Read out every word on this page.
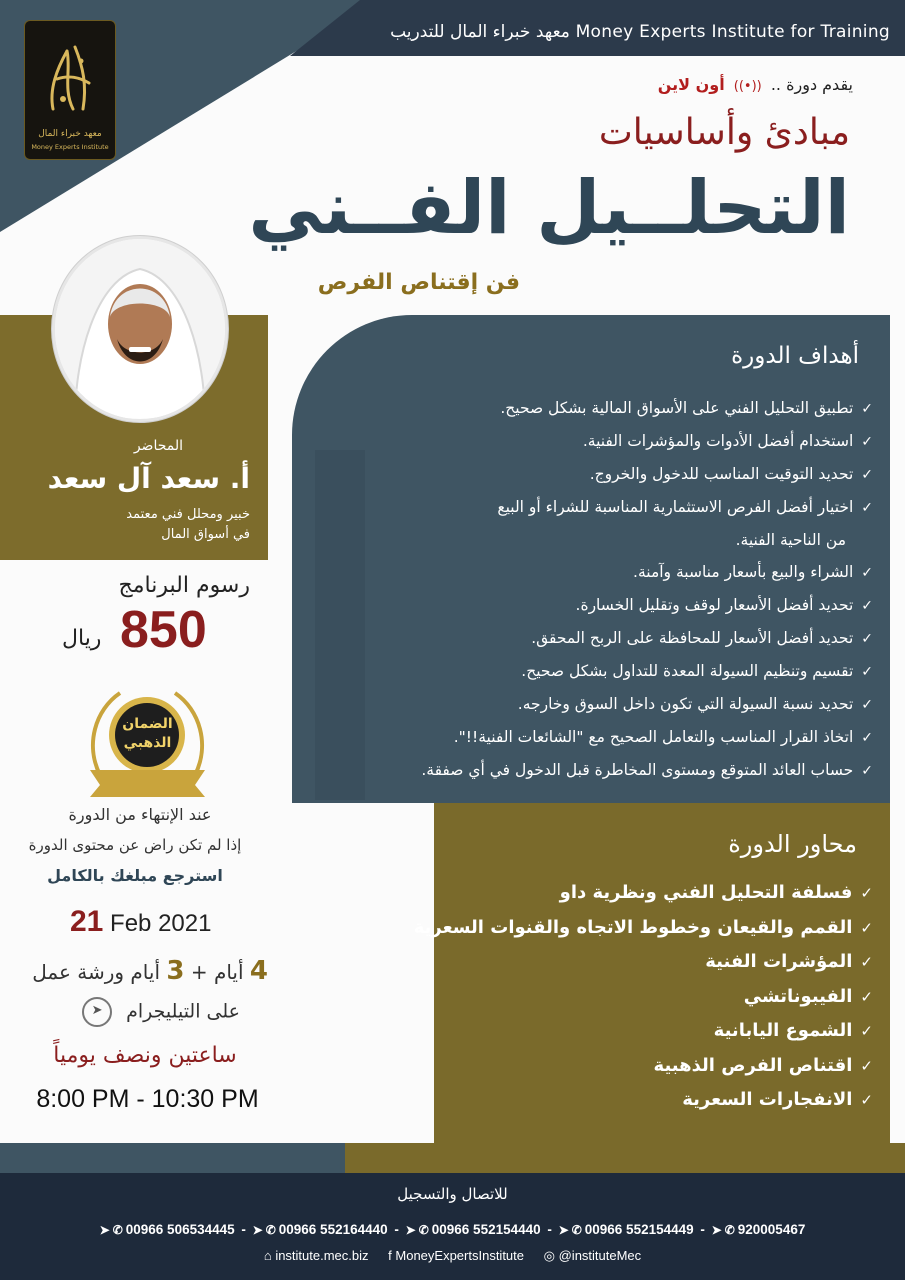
Money Experts Institute for Training معهد خبراء المال للتدريب
معهد خبراء المال
Money Experts Institute
يقدم دورة .. ((•)) أون لاين
مبادئ وأساسيات
التحلــيل الفــني
فن إقتناص الفرص
المحاضر
أ. سعد آل سعد
خبير ومحلل فني معتمد
في أسواق المال
رسوم البرنامج
850
ريال
الضمان
الذهبي
عند الإنتهاء من الدورة
إذا لم تكن راض عن محتوى الدورة
استرجع مبلغك بالكامل
21 Feb 2021
4 أيام + 3 أيام ورشة عمل
على التيليجرام ➤
ساعتين ونصف يومياً
8:00 PM - 10:30 PM
أهداف الدورة
✓تطبيق التحليل الفني على الأسواق المالية بشكل صحيح.
✓استخدام أفضل الأدوات والمؤشرات الفنية.
✓تحديد التوقيت المناسب للدخول والخروج.
✓اختيار أفضل الفرص الاستثمارية المناسبة للشراء أو البيع
من الناحية الفنية.
✓الشراء والبيع بأسعار مناسبة وآمنة.
✓تحديد أفضل الأسعار لوقف وتقليل الخسارة.
✓تحديد أفضل الأسعار للمحافظة على الربح المحقق.
✓تقسيم وتنظيم السيولة المعدة للتداول بشكل صحيح.
✓تحديد نسبة السيولة التي تكون داخل السوق وخارجه.
✓اتخاذ القرار المناسب والتعامل الصحيح مع "الشائعات الفنية!!".
✓حساب العائد المتوقع ومستوى المخاطرة قبل الدخول في أي صفقة.
محاور الدورة
✓فسلفة التحليل الفني ونظرية داو
✓القمم والقيعان وخطوط الاتجاه والقنوات السعرية
✓المؤشرات الفنية
✓الفيبوناتشي
✓الشموع اليابانية
✓اقتناص الفرص الذهبية
✓الانفجارات السعرية
للاتصال والتسجيل
➤ ✆ 00966 506534445 - ➤ ✆ 00966 552164440 - ➤ ✆ 00966 552154440 - ➤ ✆ 00966 552154449 - ➤ ✆ 920005467
⌂ institute.mec.biz f MoneyExpertsInstitute ◎ @instituteMec
